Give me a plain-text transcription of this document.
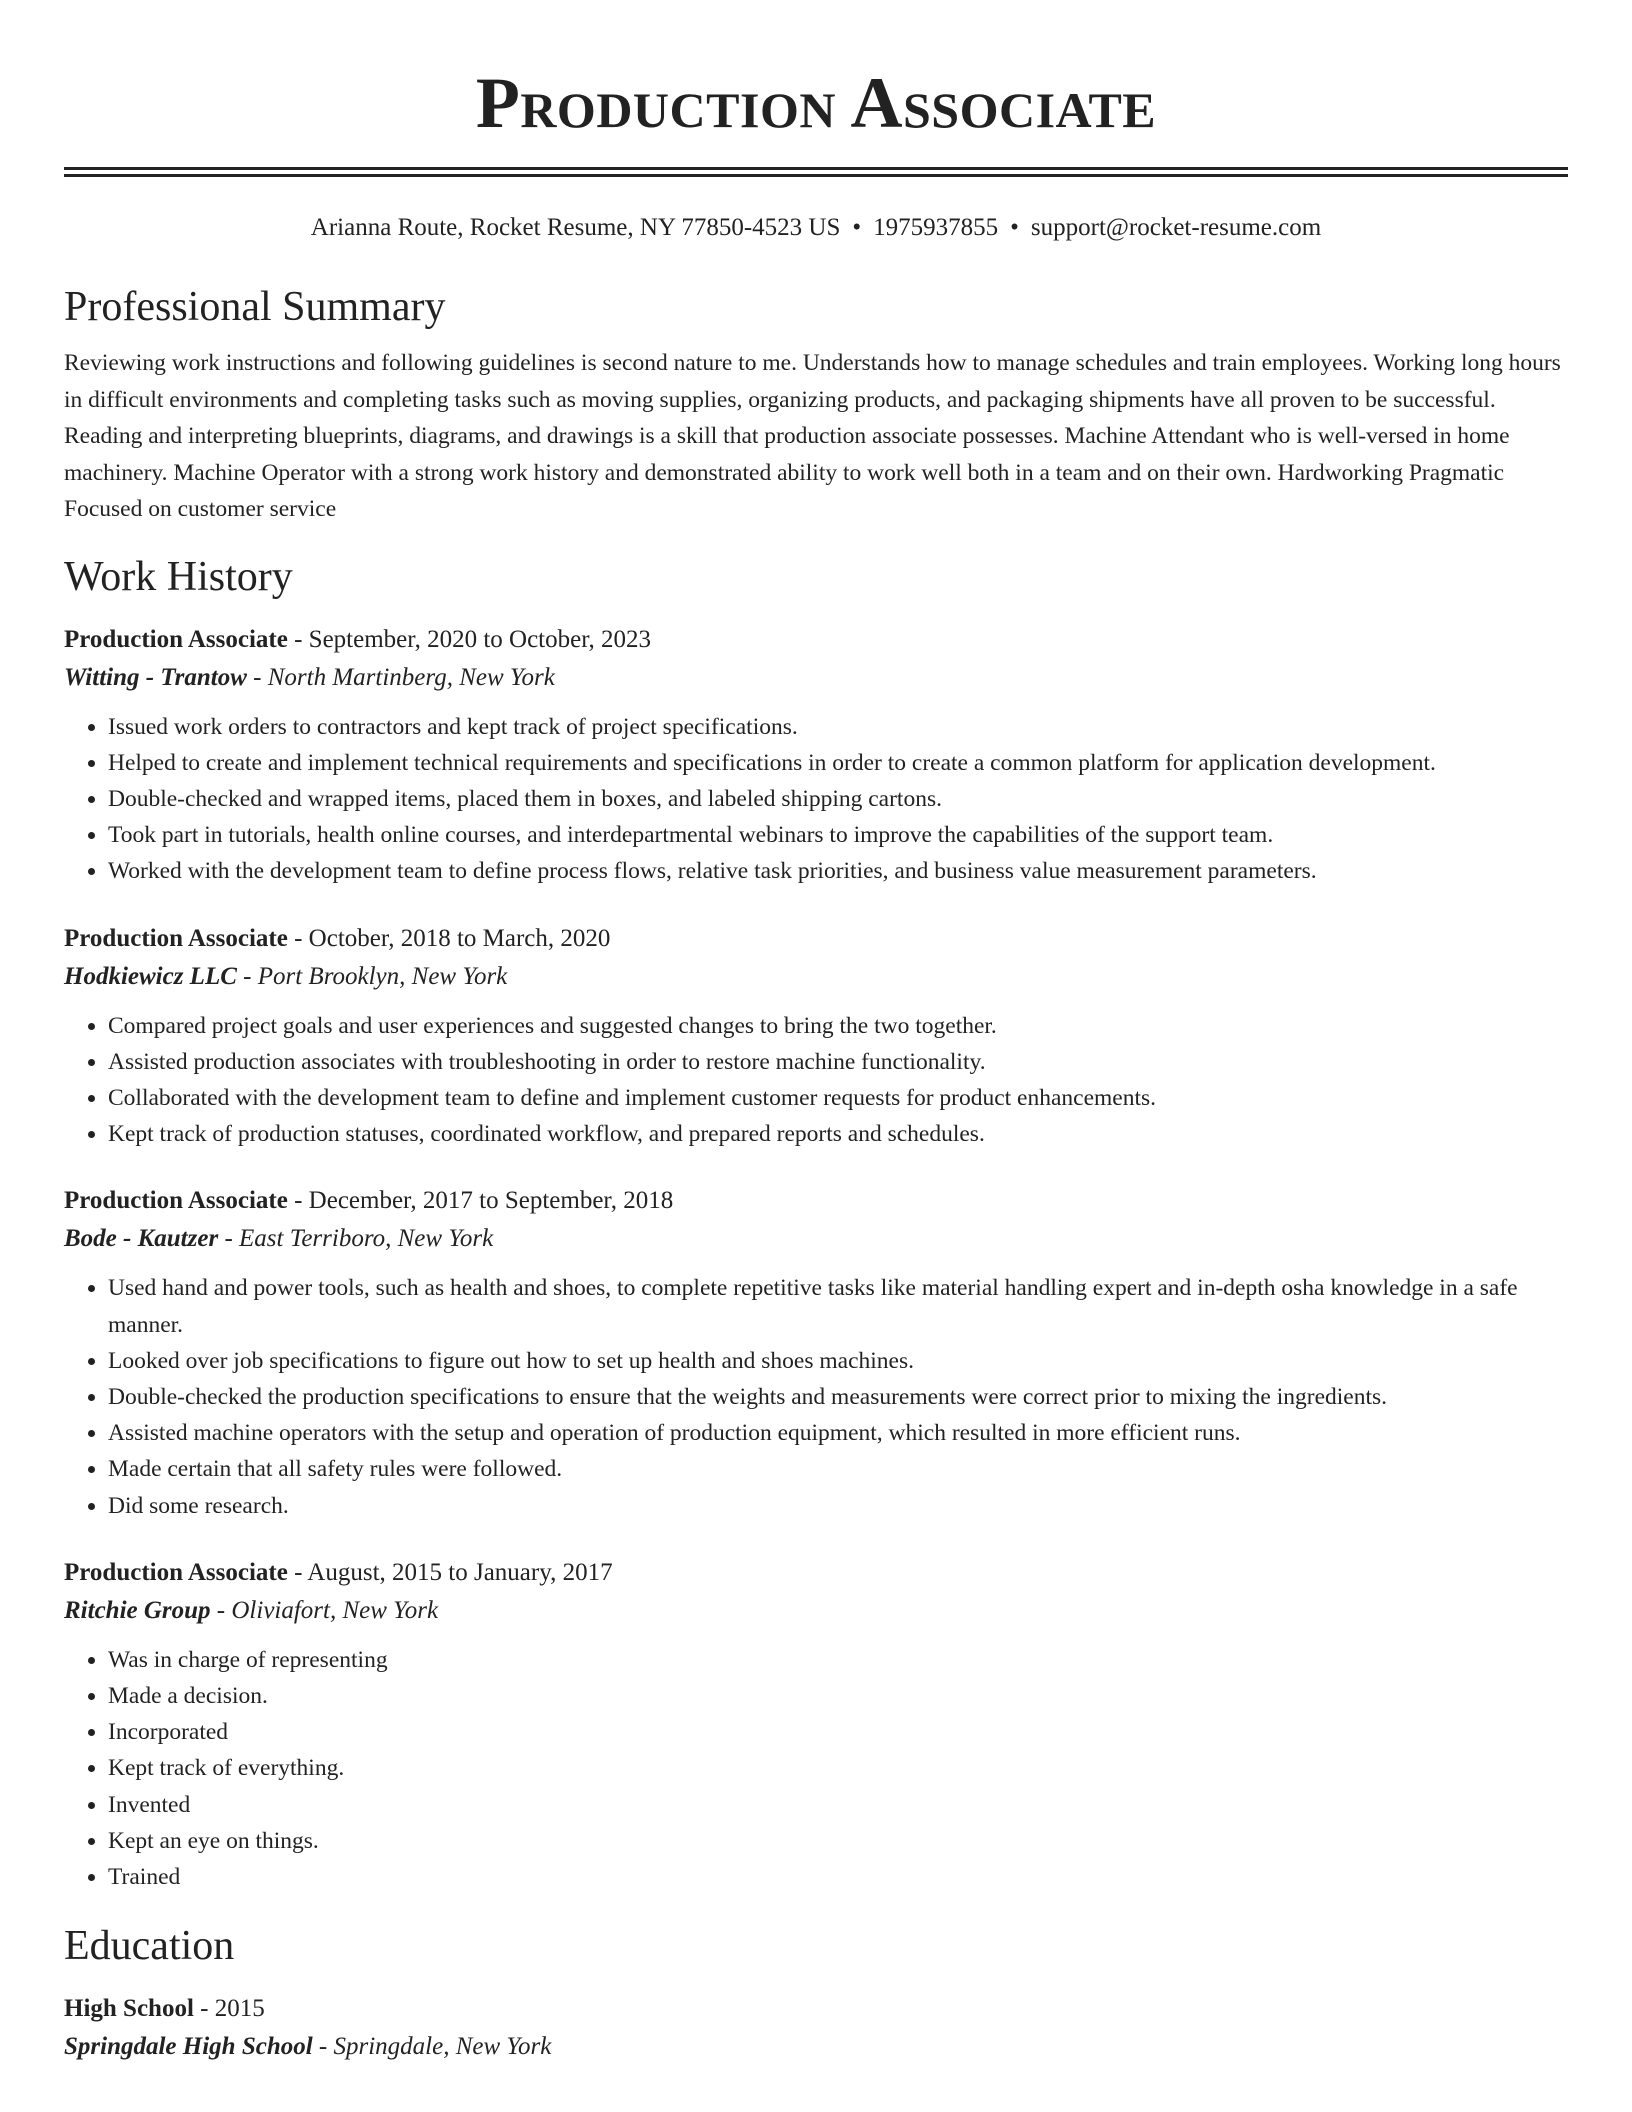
Production Associate
Arianna Route, Rocket Resume, NY 77850-4523 US • 1975937855 • support@rocket-resume.com
Professional Summary

Reviewing work instructions and following guidelines is second nature to me. Understands how to manage schedules and train employees. Working long hours in difficult environments and completing tasks such as moving supplies, organizing products, and packaging shipments have all proven to be successful. Reading and interpreting blueprints, diagrams, and drawings is a skill that production associate possesses. Machine Attendant who is well-versed in home machinery. Machine Operator with a strong work history and demonstrated ability to work well both in a team and on their own. Hardworking Pragmatic Focused on customer service

Work History
Production Associate - September, 2020 to October, 2023
Witting - Trantow - North Martinberg, New York
• Issued work orders to contractors and kept track of project specifications.
• Helped to create and implement technical requirements and specifications in order to create a common platform for application development.
• Double-checked and wrapped items, placed them in boxes, and labeled shipping cartons.
• Took part in tutorials, health online courses, and interdepartmental webinars to improve the capabilities of the support team.
• Worked with the development team to define process flows, relative task priorities, and business value measurement parameters.
Production Associate - October, 2018 to March, 2020
Hodkiewicz LLC - Port Brooklyn, New York
• Compared project goals and user experiences and suggested changes to bring the two together.
• Assisted production associates with troubleshooting in order to restore machine functionality.
• Collaborated with the development team to define and implement customer requests for product enhancements.
• Kept track of production statuses, coordinated workflow, and prepared reports and schedules.
Production Associate - December, 2017 to September, 2018
Bode - Kautzer - East Terriboro, New York
• Used hand and power tools, such as health and shoes, to complete repetitive tasks like material handling expert and in-depth osha knowledge in a safe manner.
• Looked over job specifications to figure out how to set up health and shoes machines.
• Double-checked the production specifications to ensure that the weights and measurements were correct prior to mixing the ingredients.
• Assisted machine operators with the setup and operation of production equipment, which resulted in more efficient runs.
• Made certain that all safety rules were followed.
• Did some research.
Production Associate - August, 2015 to January, 2017
Ritchie Group - Oliviafort, New York
• Was in charge of representing
• Made a decision.
• Incorporated
• Kept track of everything.
• Invented
• Kept an eye on things.
• Trained
Education
High School - 2015
Springdale High School - Springdale, New York
